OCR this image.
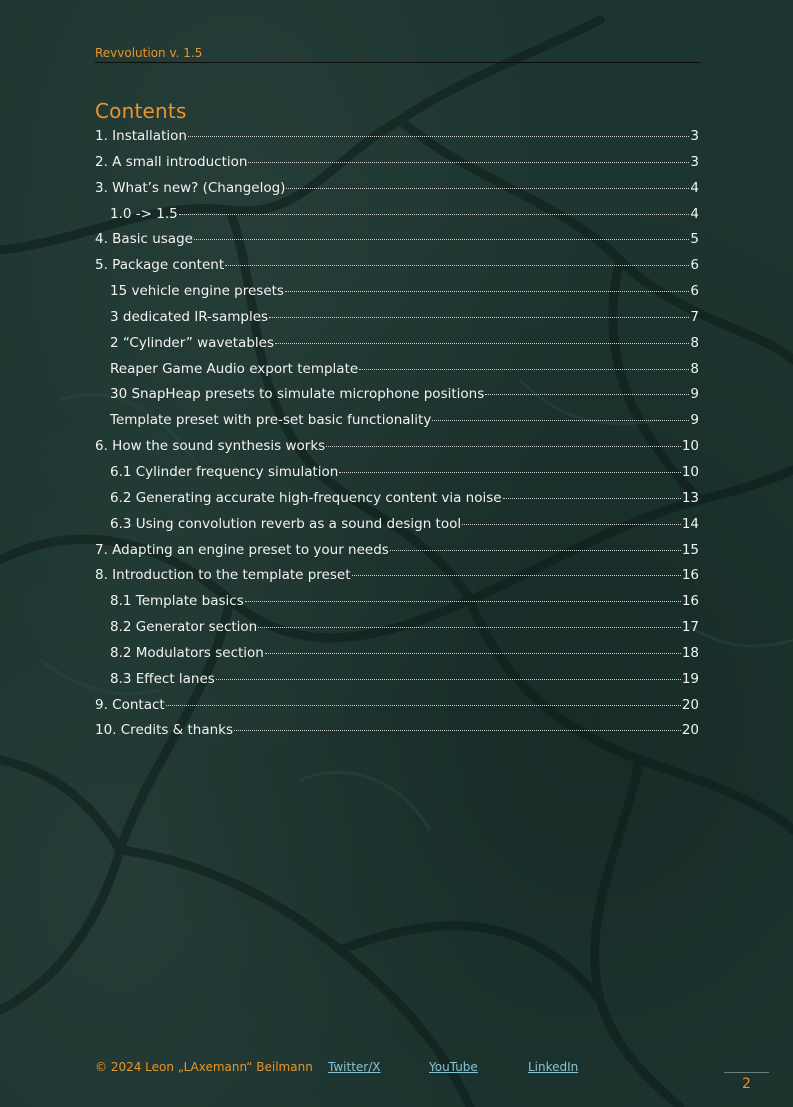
Revvolution v. 1.5
Contents
1. Installation	3
2. A small introduction	3
3. What’s new? (Changelog)	4
1.0 -> 1.5	4
4. Basic usage	5
5. Package content	6
15 vehicle engine presets	6
3 dedicated IR-samples	7
2 “Cylinder” wavetables	8
Reaper Game Audio export template	8
30 SnapHeap presets to simulate microphone positions	9
Template preset with pre-set basic functionality	9
6. How the sound synthesis works	10
6.1 Cylinder frequency simulation	10
6.2 Generating accurate high-frequency content via noise	13
6.3 Using convolution reverb as a sound design tool	14
7. Adapting an engine preset to your needs	15
8. Introduction to the template preset	16
8.1 Template basics	16
8.2 Generator section	17
8.2 Modulators section	18
8.3 Effect lanes	19
9. Contact	20
10. Credits & thanks	20
© 2024 Leon „LAxemann“ Beilmann Twitter/X	YouTube	LinkedIn
2
